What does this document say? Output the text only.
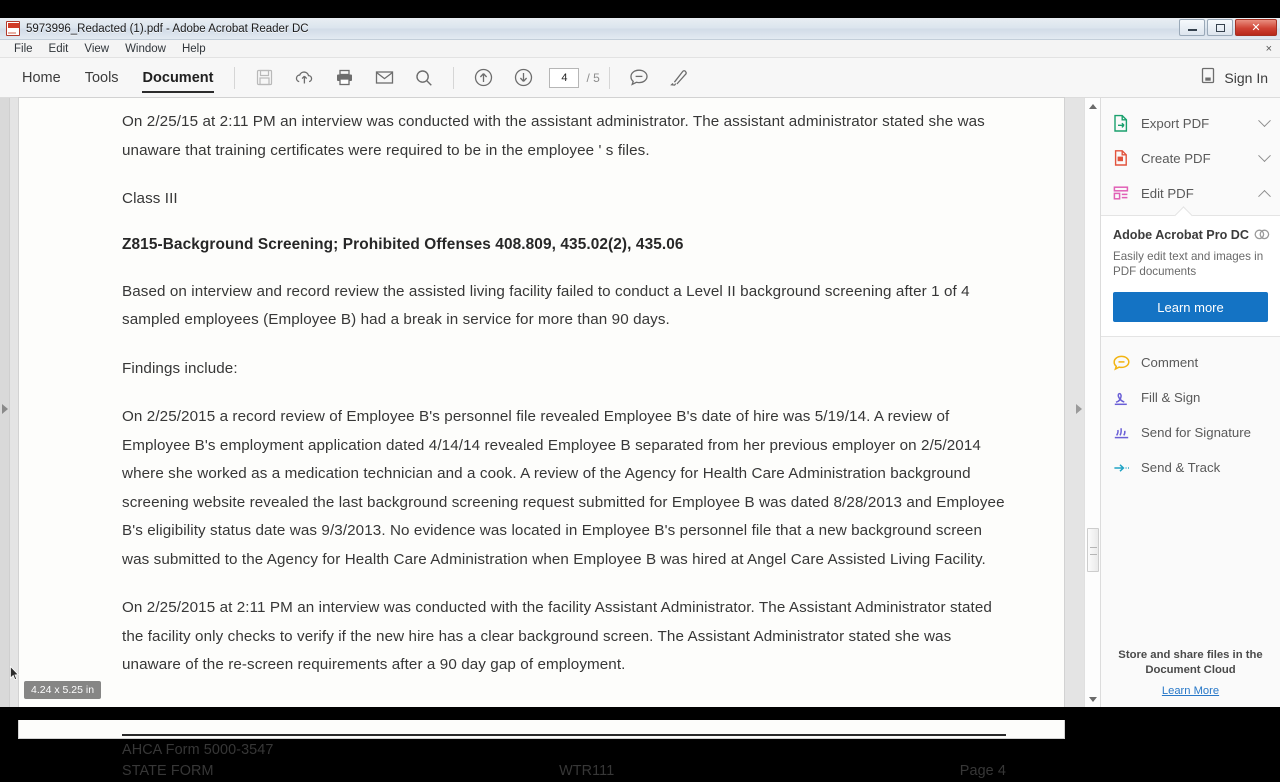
5973996_Redacted (1).pdf - Adobe Acrobat Reader DC	✕
File	Edit	View	Window	Help	×
Home	Tools	Document	4	/ 5	Sign In

On 2/25/15 at 2:11 PM an interview was conducted with the assistant administrator. The assistant administrator stated she was unaware that training certificates were required to be in the employee ' s files.

Class III

Z815-Background Screening; Prohibited Offenses 408.809, 435.02(2), 435.06

Based on interview and record review the assisted living facility failed to conduct a Level II background screening after 1 of 4 sampled employees (Employee B) had a break in service for more than 90 days.

Findings include:

On 2/25/2015 a record review of Employee B's personnel file revealed Employee B's date of hire was 5/19/14. A review of Employee B's employment application dated 4/14/14 revealed Employee B separated from her previous employer on 2/5/2014 where she worked as a medication technician and a cook. A review of the Agency for Health Care Administration background screening website revealed the last background screening request submitted for Employee B was dated 8/28/2013 and Employee B's eligibility status date was 9/3/2013. No evidence was located in Employee B's personnel file that a new background screen was submitted to the Agency for Health Care Administration when Employee B was hired at Angel Care Assisted Living Facility.

On 2/25/2015 at 2:11 PM an interview was conducted with the facility Assistant Administrator. The Assistant Administrator stated the facility only checks to verify if the new hire has a clear background screen. The Assistant Administrator stated she was unaware of the re-screen requirements after a 90 day gap of employment.

AHCA Form 5000-3547
STATE FORM	WTR111	Page 4
4.24 x 5.25 in
Export PDF
Create PDF
Edit PDF
Adobe Acrobat Pro DC
Easily edit text and images in PDF documents
Learn more
Comment
Fill & Sign
Send for Signature
Send & Track
Store and share files in the
Document Cloud
Learn More
